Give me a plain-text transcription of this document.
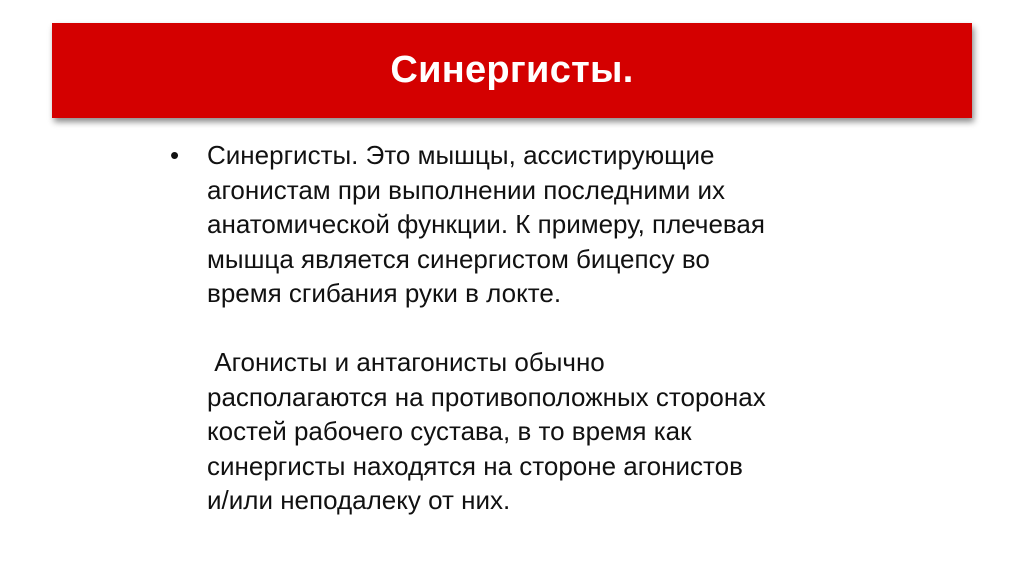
Синергисты.
• Синергисты. Это мышцы, ассистирующие
агонистам при выполнении последними их
анатомической функции. К примеру, плечевая
мышца является синергистом бицепсу во
время сгибания руки в локте.
Агонисты и антагонисты обычно
располагаются на противоположных сторонах
костей рабочего сустава, в то время как
синергисты находятся на стороне агонистов
и/или неподалеку от них.
